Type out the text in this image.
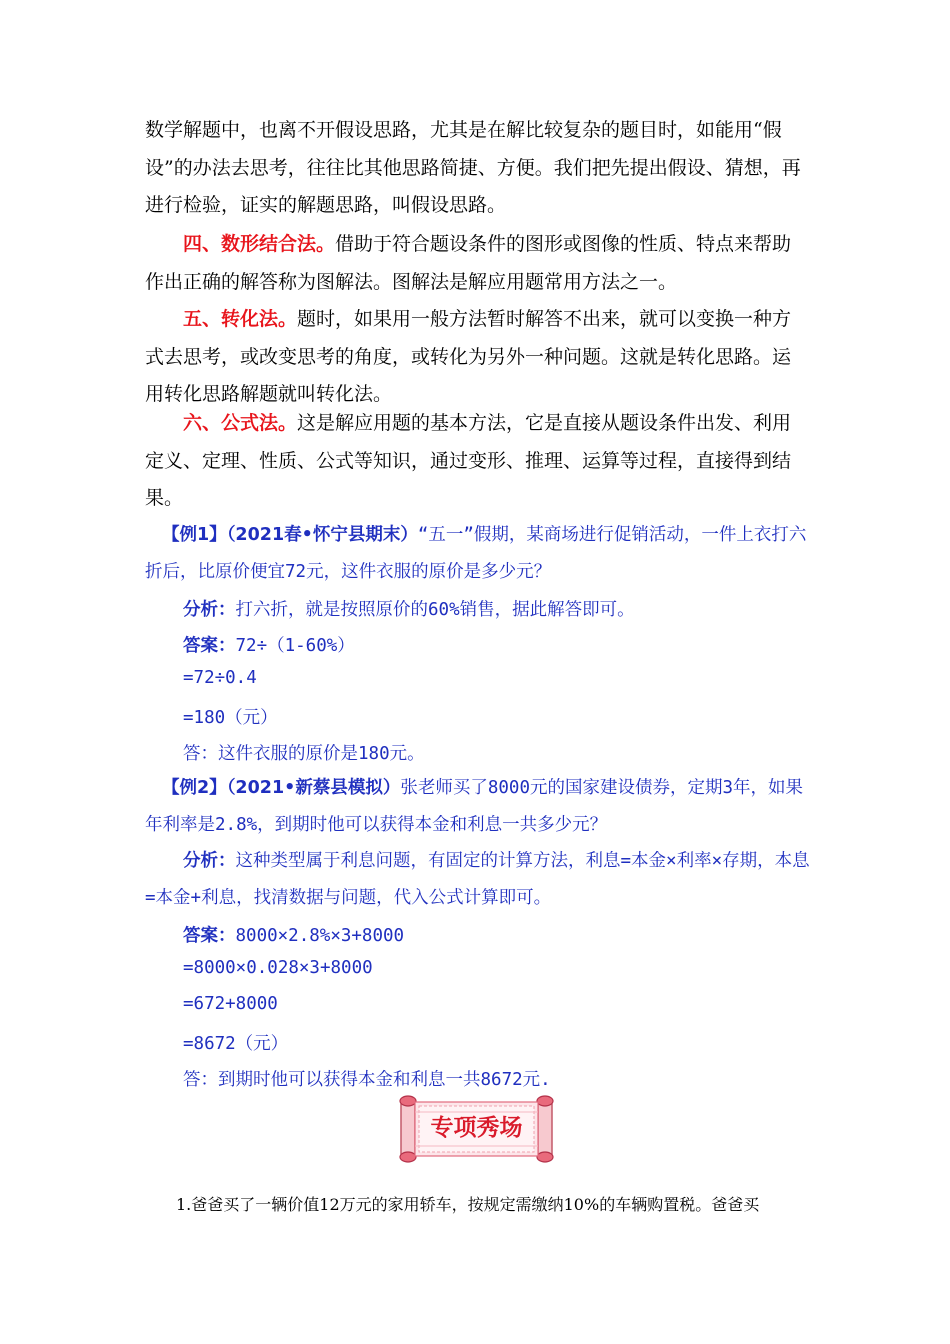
数学解题中，也离不开假设思路，尤其是在解比较复杂的题目时，如能用“假设”的办法去思考，往往比其他思路简捷、方便。我们把先提出假设、猜想，再进行检验，证实的解题思路，叫假设思路。

四、数形结合法。借助于符合题设条件的图形或图像的性质、特点来帮助作出正确的解答称为图解法。图解法是解应用题常用方法之一。

五、转化法。题时，如果用一般方法暂时解答不出来，就可以变换一种方式去思考，或改变思考的角度，或转化为另外一种问题。这就是转化思路。运用转化思路解题就叫转化法。

六、公式法。这是解应用题的基本方法，它是直接从题设条件出发、利用定义、定理、性质、公式等知识，通过变形、推理、运算等过程，直接得到结果。

【例1】（2021春•怀宁县期末）“五一”假期，某商场进行促销活动，一件上衣打六折后，比原价便宜72元，这件衣服的原价是多少元？

分析：打六折，就是按照原价的60%销售，据此解答即可。
答案：72÷（1-60%）
=72÷0.4
=180（元）
答：这件衣服的原价是180元。

【例2】（2021•新蔡县模拟）张老师买了8000元的国家建设债券，定期3年，如果年利率是2.8%，到期时他可以获得本金和利息一共多少元？

分析：这种类型属于利息问题，有固定的计算方法，利息=本金×利率×存期，本息=本金+利息，找清数据与问题，代入公式计算即可。

答案：8000×2.8%×3+8000
=8000×0.028×3+8000
=672+8000
=8672（元）
答：到期时他可以获得本金和利息一共8672元.
专项秀场
1.爸爸买了一辆价值12万元的家用轿车，按规定需缴纳10%的车辆购置税。爸爸买
